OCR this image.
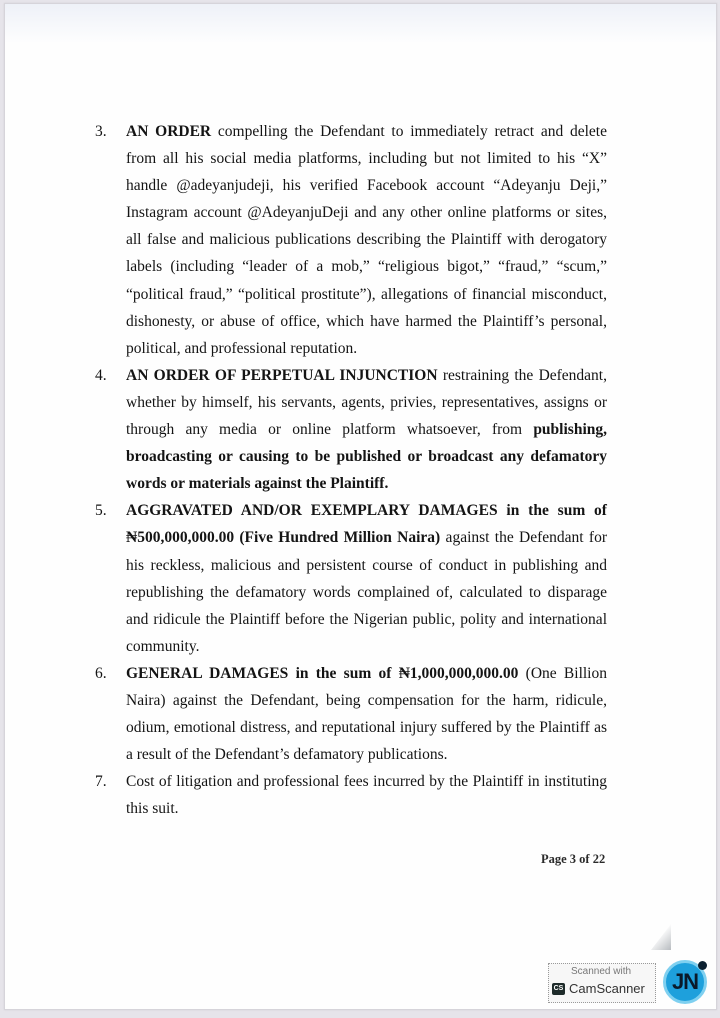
3. AN ORDER compelling the Defendant to immediately retract and delete from all his social media platforms, including but not limited to his “X” handle @adeyanjudeji, his verified Facebook account “Adeyanju Deji,” Instagram account @AdeyanjuDeji and any other online platforms or sites, all false and malicious publications describing the Plaintiff with derogatory labels (including “leader of a mob,” “religious bigot,” “fraud,” “scum,” “political fraud,” “political prostitute”), allegations of financial misconduct, dishonesty, or abuse of office, which have harmed the Plaintiff’s personal, political, and professional reputation.
4. AN ORDER OF PERPETUAL INJUNCTION restraining the Defendant, whether by himself, his servants, agents, privies, representatives, assigns or through any media or online platform whatsoever, from publishing, broadcasting or causing to be published or broadcast any defamatory words or materials against the Plaintiff.
5. AGGRAVATED AND/OR EXEMPLARY DAMAGES in the sum of ₦500,000,000.00 (Five Hundred Million Naira) against the Defendant for his reckless, malicious and persistent course of conduct in publishing and republishing the defamatory words complained of, calculated to disparage and ridicule the Plaintiff before the Nigerian public, polity and international community.
6. GENERAL DAMAGES in the sum of ₦1,000,000,000.00 (One Billion Naira) against the Defendant, being compensation for the harm, ridicule, odium, emotional distress, and reputational injury suffered by the Plaintiff as a result of the Defendant’s defamatory publications.
7. Cost of litigation and professional fees incurred by the Plaintiff in instituting this suit.
Page 3 of 22
Scanned with
CS CamScanner JN
